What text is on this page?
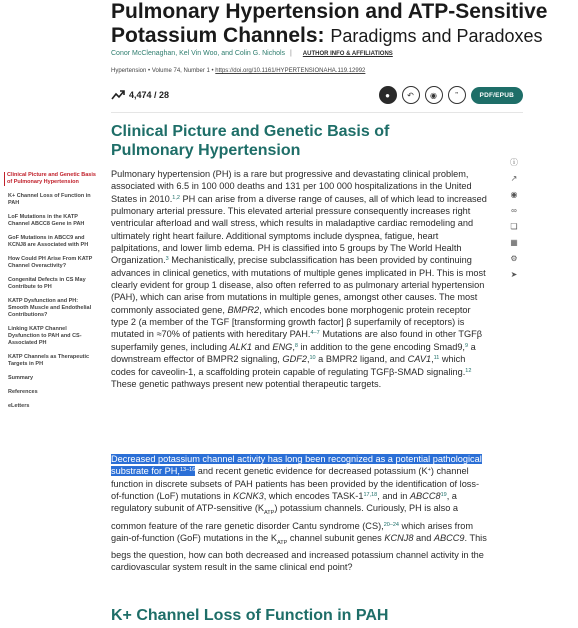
Pulmonary Hypertension and ATP-Sensitive Potassium Channels: Paradigms and Paradoxes
Conor McClenaghan, Kel Vin Woo, and Colin G. Nichols | AUTHOR INFO & AFFILIATIONS
Hypertension • Volume 74, Number 1 • https://doi.org/10.1161/HYPERTENSIONAHA.119.12992
4,474 / 28	●	↶	◉	”	PDF/EPUB
Clinical Picture and Genetic Basis of Pulmonary Hypertension
K+ Channel Loss of Function in PAH
LoF Mutations in the KATP Channel ABCC8 Gene in PAH
GoF Mutations in ABCC9 and KCNJ8 are Associated with PH
How Could PH Arise From KATP Channel Overactivity?
Congenital Defects in CS May Contribute to PH
KATP Dysfunction and PH: Smooth Muscle and Endothelial Contributions?
Linking KATP Channel Dysfunction to PAH and CS-Associated PH
KATP Channels as Therapeutic Targets in PH
Summary
References
eLetters
Clinical Picture and Genetic Basis of Pulmonary Hypertension

Pulmonary hypertension (PH) is a rare but progressive and devastating clinical problem, associated with 6.5 in 100 000 deaths and 131 per 100 000 hospitalizations in the United States in 2010.$^{1,2}$ PH can arise from a diverse range of causes, all of which lead to increased pulmonary arterial pressure. This elevated arterial pressure consequently increases right ventricular afterload and wall stress, which results in maladaptive cardiac remodeling and ultimately right heart failure. Additional symptoms include dyspnea, fatigue, heart palpitations, and lower limb edema. PH is classified into 5 groups by The World Health Organization.$^3$ Mechanistically, precise subclassification has been provided by continuing advances in clinical genetics, with mutations of multiple genes implicated in PH. This is most clearly evident for group 1 disease, also often referred to as pulmonary arterial hypertension (PAH), which can arise from mutations in multiple genes, amongst other causes. The most commonly associated gene, BMPR2, which encodes bone morphogenic protein receptor type 2 (a member of the TGF [transforming growth factor] β superfamily of receptors) is mutated in ≈70% of patients with hereditary PAH.$^{4-7}$ Mutations are also found in other TGFβ superfamily genes, including ALK1 and ENG,$^8$ in addition to the gene encoding Smad9,$^9$ a downstream effector of BMPR2 signaling, GDF2,10 a BMPR2 ligand, and CAV1,11 which codes for caveolin-1, a scaffolding protein capable of regulating TGFβ-SMAD signaling.$^{12}$ These genetic pathways present new potential therapeutic targets.

Decreased potassium channel activity has long been recognized as a potential pathological substrate for PH,$^{13-16}$ and recent genetic evidence for decreased potassium (K+) channel function in discrete subsets of PAH patients has been provided by the identification of loss-of-function (LoF) mutations in KCNK3, which encodes TASK-1$^{17,18}$, and in $ABCC8^{19}$, a regulatory subunit of ATP-sensitive $(K_{ATP})$ potassium channels. Curiously, PH is also a common feature of the rare genetic disorder Cantu syndrome (CS),$^{20-24}$ which arises from gain-of-function (GoF) mutations in the $K_{ATP}$ channel subunit genes KCNJ8 and ABCC9. This begs the question, how can both decreased and increased potassium channel activity in the cardiovascular system result in the same clinical end point?

K+ Channel Loss of Function in PAH
ⓘ
↗
◉
∞
❏
▦
⚙
➤
